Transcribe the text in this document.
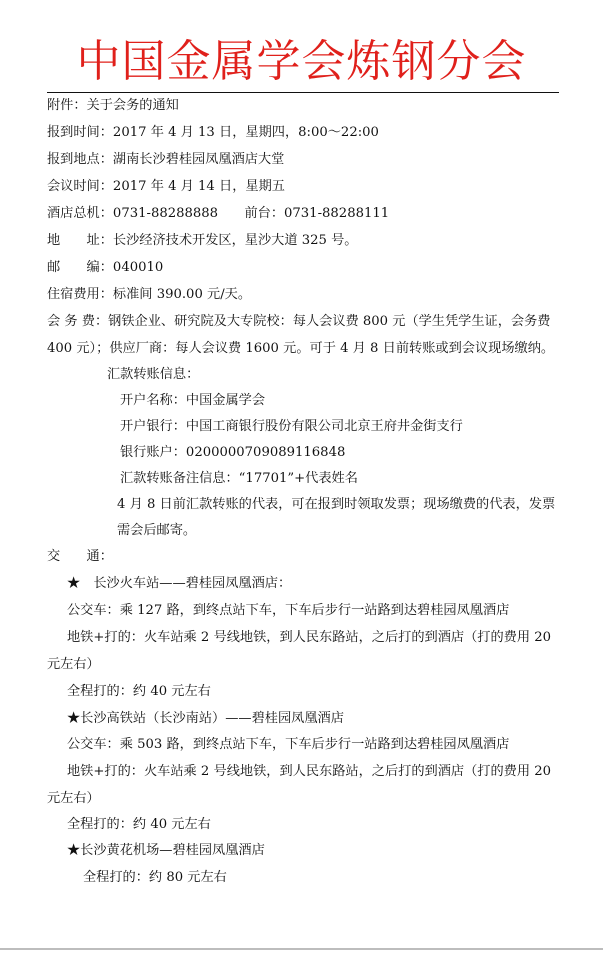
中国金属学会炼钢分会
附件：关于会务的通知
报到时间：2017 年 4 月 13 日，星期四，8:00～22:00
报到地点：湖南长沙碧桂园凤凰酒店大堂
会议时间：2017 年 4 月 14 日，星期五
酒店总机：0731-88288888　　前台：0731-88288111
地　　址：长沙经济技术开发区，星沙大道 325 号。
邮　　编：040010
住宿费用：标准间 390.00 元/天。
会 务 费：钢铁企业、研究院及大专院校：每人会议费 800 元（学生凭学生证，会务费
400 元）；供应厂商：每人会议费 1600 元。可于 4 月 8 日前转账或到会议现场缴纳。
汇款转账信息：
开户名称：中国金属学会
开户银行：中国工商银行股份有限公司北京王府井金街支行
银行账户：0200000709089116848
汇款转账备注信息：“17701”+代表姓名
4 月 8 日前汇款转账的代表，可在报到时领取发票；现场缴费的代表，发票
需会后邮寄。
交　　通：
★　长沙火车站——碧桂园凤凰酒店：
公交车：乘 127 路，到终点站下车，下车后步行一站路到达碧桂园凤凰酒店
地铁+打的：火车站乘 2 号线地铁，到人民东路站，之后打的到酒店（打的费用 20
元左右）
全程打的：约 40 元左右
★长沙高铁站（长沙南站）——碧桂园凤凰酒店
公交车：乘 503 路，到终点站下车，下车后步行一站路到达碧桂园凤凰酒店
地铁+打的：火车站乘 2 号线地铁，到人民东路站，之后打的到酒店（打的费用 20
元左右）
全程打的：约 40 元左右
★长沙黄花机场—碧桂园凤凰酒店
全程打的：约 80 元左右
